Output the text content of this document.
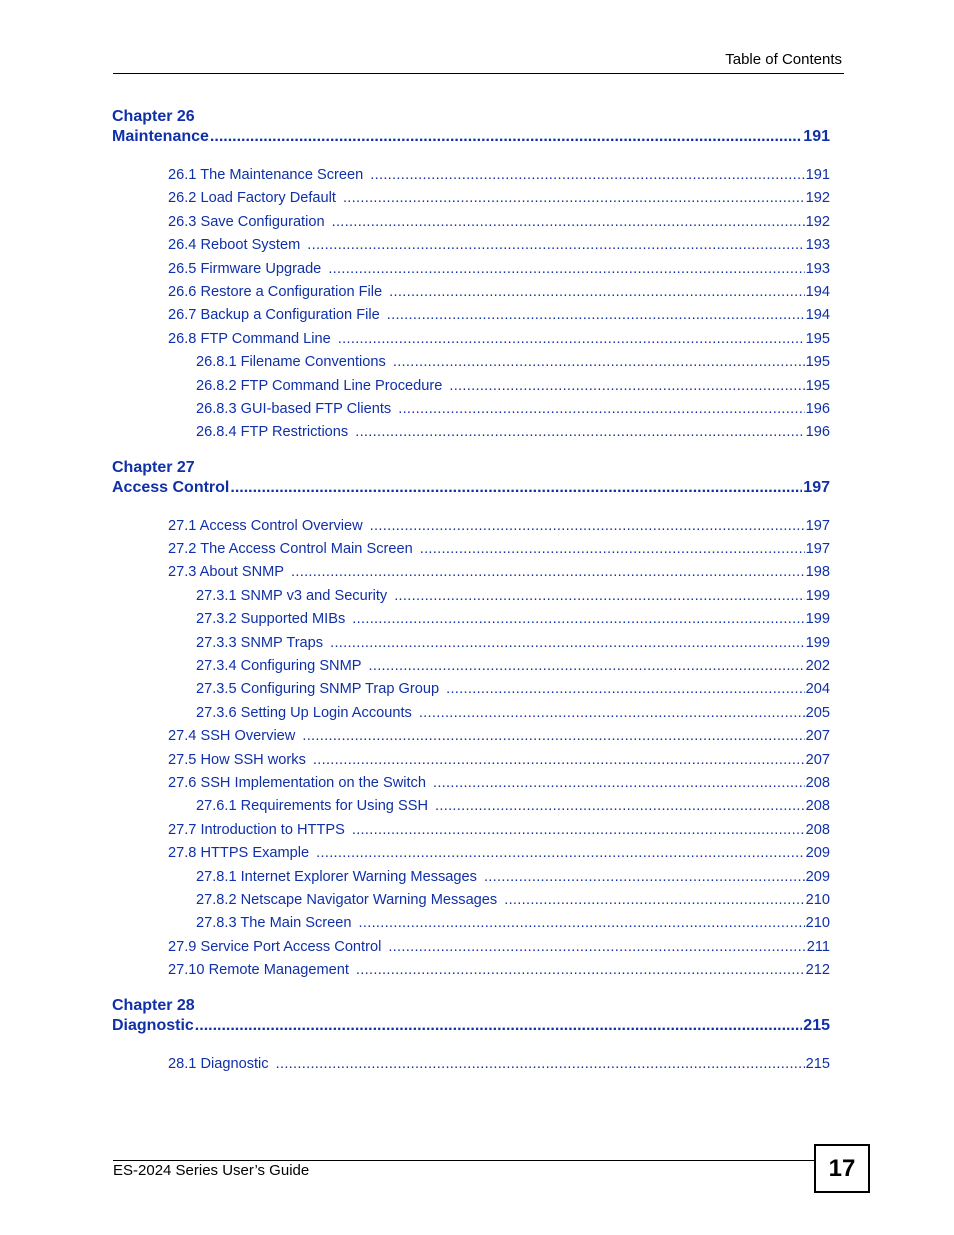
Table of Contents
Chapter 26
Maintenance .....	191
26.1 The Maintenance Screen .....	191
26.2 Load Factory Default .....	192
26.3 Save Configuration .....	192
26.4 Reboot System .....	193
26.5 Firmware Upgrade .....	193
26.6 Restore a Configuration File .....	194
26.7 Backup a Configuration File .....	194
26.8 FTP Command Line .....	195
26.8.1 Filename Conventions .....	195
26.8.2 FTP Command Line Procedure .....	195
26.8.3 GUI-based FTP Clients .....	196
26.8.4 FTP Restrictions .....	196
Chapter 27
Access Control .....	197
27.1 Access Control Overview .....	197
27.2 The Access Control Main Screen .....	197
27.3 About SNMP .....	198
27.3.1 SNMP v3 and Security .....	199
27.3.2 Supported MIBs .....	199
27.3.3 SNMP Traps .....	199
27.3.4 Configuring SNMP .....	202
27.3.5 Configuring SNMP Trap Group .....	204
27.3.6 Setting Up Login Accounts .....	205
27.4 SSH Overview .....	207
27.5 How SSH works .....	207
27.6 SSH Implementation on the Switch .....	208
27.6.1 Requirements for Using SSH .....	208
27.7 Introduction to HTTPS .....	208
27.8 HTTPS Example .....	209
27.8.1 Internet Explorer Warning Messages .....	209
27.8.2 Netscape Navigator Warning Messages .....	210
27.8.3 The Main Screen .....	210
27.9 Service Port Access Control .....	211
27.10 Remote Management .....	212
Chapter 28
Diagnostic .....	215
28.1 Diagnostic .....	215
ES-2024 Series User’s Guide	17
